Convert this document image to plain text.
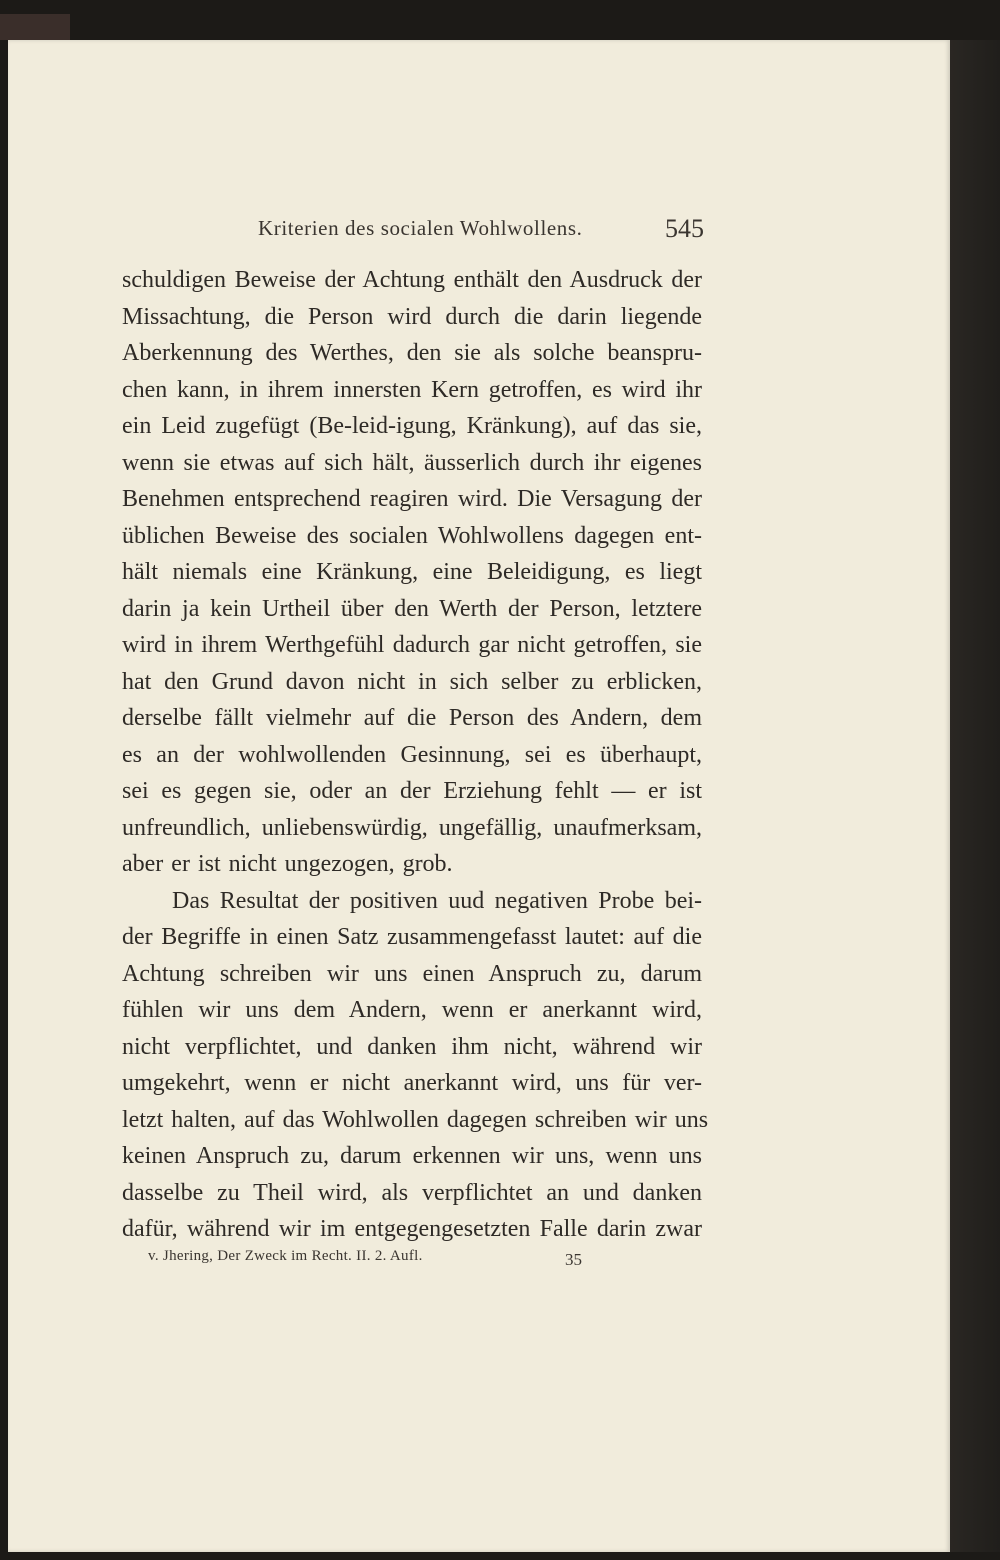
Kriterien des socialen Wohlwollens.	545
schuldigen Beweise der Achtung enthält den Ausdruck der
Missachtung, die Person wird durch die darin liegende
Aberkennung des Werthes, den sie als solche beanspru-
chen kann, in ihrem innersten Kern getroffen, es wird ihr
ein Leid zugefügt (Be-leid-igung, Kränkung), auf das sie,
wenn sie etwas auf sich hält, äusserlich durch ihr eigenes
Benehmen entsprechend reagiren wird. Die Versagung der
üblichen Beweise des socialen Wohlwollens dagegen ent-
hält niemals eine Kränkung, eine Beleidigung, es liegt
darin ja kein Urtheil über den Werth der Person, letztere
wird in ihrem Werthgefühl dadurch gar nicht getroffen, sie
hat den Grund davon nicht in sich selber zu erblicken,
derselbe fällt vielmehr auf die Person des Andern, dem
es an der wohlwollenden Gesinnung, sei es überhaupt,
sei es gegen sie, oder an der Erziehung fehlt — er ist
unfreundlich, unliebenswürdig, ungefällig, unaufmerksam,
aber er ist nicht ungezogen, grob.
Das Resultat der positiven uud negativen Probe bei-
der Begriffe in einen Satz zusammengefasst lautet: auf die
Achtung schreiben wir uns einen Anspruch zu, darum
fühlen wir uns dem Andern, wenn er anerkannt wird,
nicht verpflichtet, und danken ihm nicht, während wir
umgekehrt, wenn er nicht anerkannt wird, uns für ver-
letzt halten, auf das Wohlwollen dagegen schreiben wir uns
keinen Anspruch zu, darum erkennen wir uns, wenn uns
dasselbe zu Theil wird, als verpflichtet an und danken
dafür, während wir im entgegengesetzten Falle darin zwar
v. Jhering, Der Zweck im Recht. II. 2. Aufl.	35
